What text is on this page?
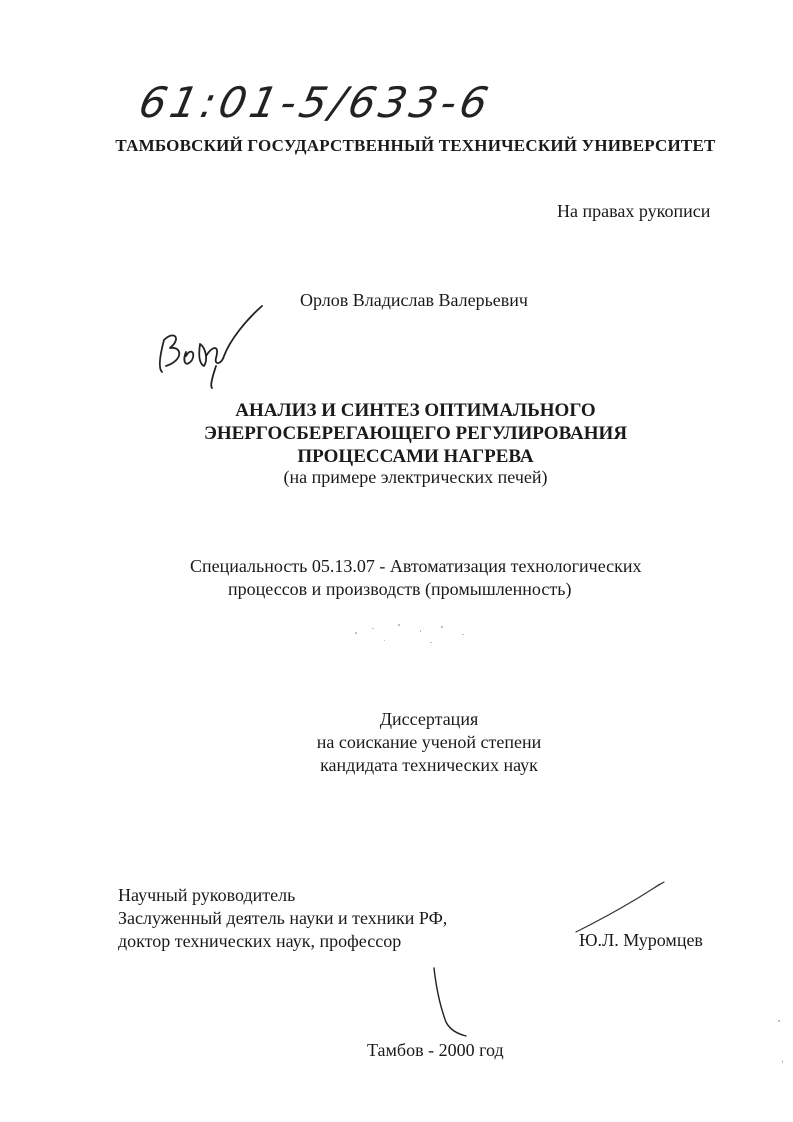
61:01-5/633-6
ТАМБОВСКИЙ ГОСУДАРСТВЕННЫЙ ТЕХНИЧЕСКИЙ УНИВЕРСИТЕТ
На правах рукописи
Орлов Владислав Валерьевич
АНАЛИЗ И СИНТЕЗ ОПТИМАЛЬНОГО
ЭНЕРГОСБЕРЕГАЮЩЕГО РЕГУЛИРОВАНИЯ
ПРОЦЕССАМИ НАГРЕВА
(на примере электрических печей)
Специальность 05.13.07 - Автоматизация технологических
процессов и производств (промышленность)
Диссертация
на соискание ученой степени
кандидата технических наук
Научный руководитель
Заслуженный деятель науки и техники РФ,
доктор технических наук, профессор	Ю.Л. Муромцев
Тамбов - 2000 год
